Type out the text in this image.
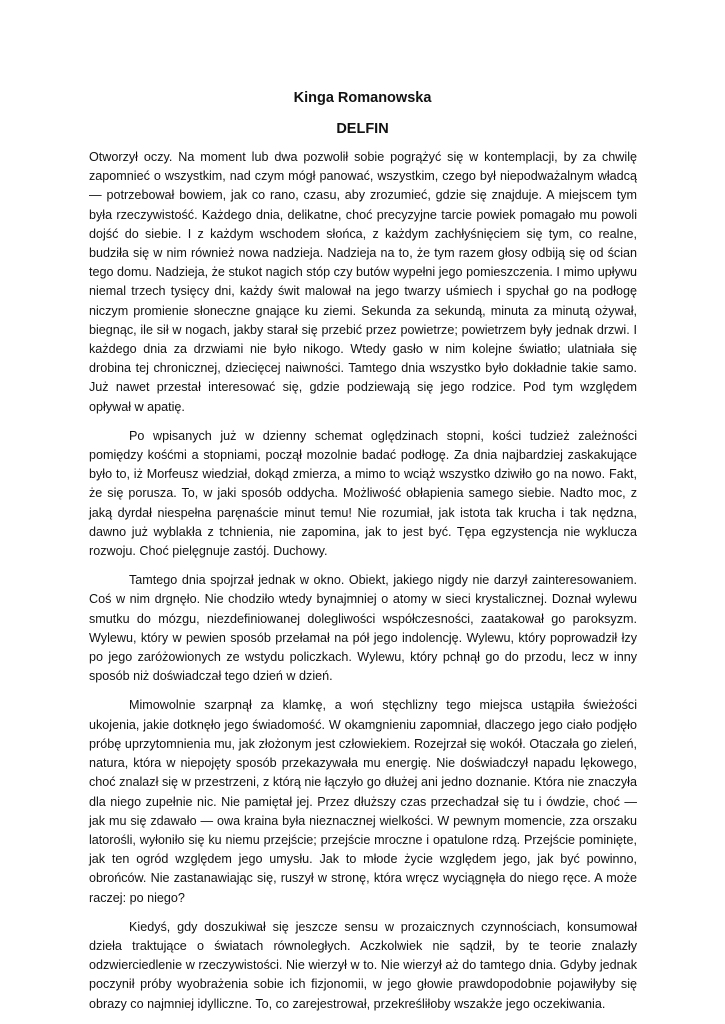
Kinga Romanowska
DELFIN

Otworzył oczy. Na moment lub dwa pozwolił sobie pogrążyć się w kontemplacji, by za chwilę zapomnieć o wszystkim, nad czym mógł panować, wszystkim, czego był niepodważalnym władcą — potrzebował bowiem, jak co rano, czasu, aby zrozumieć, gdzie się znajduje. A miejscem tym była rzeczywistość. Każdego dnia, delikatne, choć precyzyjne tarcie powiek pomagało mu powoli dojść do siebie. I z każdym wschodem słońca, z każdym zachłyśnięciem się tym, co realne, budziła się w nim również nowa nadzieja. Nadzieja na to, że tym razem głosy odbiją się od ścian tego domu. Nadzieja, że stukot nagich stóp czy butów wypełni jego pomieszczenia. I mimo upływu niemal trzech tysięcy dni, każdy świt malował na jego twarzy uśmiech i spychał go na podłogę niczym promienie słoneczne gnające ku ziemi. Sekunda za sekundą, minuta za minutą ożywał, biegnąc, ile sił w nogach, jakby starał się przebić przez powietrze; powietrzem były jednak drzwi. I każdego dnia za drzwiami nie było nikogo. Wtedy gasło w nim kolejne światło; ulatniała się drobina tej chronicznej, dziecięcej naiwności. Tamtego dnia wszystko było dokładnie takie samo. Już nawet przestał interesować się, gdzie podziewają się jego rodzice. Pod tym względem opływał w apatię.

Po wpisanych już w dzienny schemat oględzinach stopni, kości tudzież zależności pomiędzy kośćmi a stopniami, począł mozolnie badać podłogę. Za dnia najbardziej zaskakujące było to, iż Morfeusz wiedział, dokąd zmierza, a mimo to wciąż wszystko dziwiło go na nowo. Fakt, że się porusza. To, w jaki sposób oddycha. Możliwość obłapienia samego siebie. Nadto moc, z jaką dyrdał niespełna paręnaście minut temu! Nie rozumiał, jak istota tak krucha i tak nędzna, dawno już wyblakła z tchnienia, nie zapomina, jak to jest być. Tępa egzystencja nie wyklucza rozwoju. Choć pielęgnuje zastój. Duchowy.

Tamtego dnia spojrzał jednak w okno. Obiekt, jakiego nigdy nie darzył zainteresowaniem. Coś w nim drgnęło. Nie chodziło wtedy bynajmniej o atomy w sieci krystalicznej. Doznał wylewu smutku do mózgu, niezdefiniowanej dolegliwości współczesności, zaatakował go paroksyzm. Wylewu, który w pewien sposób przełamał na pół jego indolencję. Wylewu, który poprowadził łzy po jego zaróżowionych ze wstydu policzkach. Wylewu, który pchnął go do przodu, lecz w inny sposób niż doświadczał tego dzień w dzień.

Mimowolnie szarpnął za klamkę, a woń stęchlizny tego miejsca ustąpiła świeżości ukojenia, jakie dotknęło jego świadomość. W okamgnieniu zapomniał, dlaczego jego ciało podjęło próbę uprzytomnienia mu, jak złożonym jest człowiekiem. Rozejrzał się wokół. Otaczała go zieleń, natura, która w niepojęty sposób przekazywała mu energię. Nie doświadczył napadu lękowego, choć znalazł się w przestrzeni, z którą nie łączyło go dłużej ani jedno doznanie. Która nie znaczyła dla niego zupełnie nic. Nie pamiętał jej. Przez dłuższy czas przechadzał się tu i ówdzie, choć — jak mu się zdawało — owa kraina była nieznacznej wielkości. W pewnym momencie, zza orszaku latorośli, wyłoniło się ku niemu przejście; przejście mroczne i opatulone rdzą. Przejście pominięte, jak ten ogród względem jego umysłu. Jak to młode życie względem jego, jak być powinno, obrońców. Nie zastanawiając się, ruszył w stronę, która wręcz wyciągnęła do niego ręce. A może raczej: po niego?

Kiedyś, gdy doszukiwał się jeszcze sensu w prozaicznych czynnościach, konsumował dzieła traktujące o światach równoległych. Aczkolwiek nie sądził, by te teorie znalazły odzwierciedlenie w rzeczywistości. Nie wierzył w to. Nie wierzył aż do tamtego dnia. Gdyby jednak poczynił próby wyobrażenia sobie ich fizjonomii, w jego głowie prawdopodobnie pojawiłyby się obrazy co najmniej idylliczne. To, co zarejestrował, przekreśliłoby wszakże jego oczekiwania.
